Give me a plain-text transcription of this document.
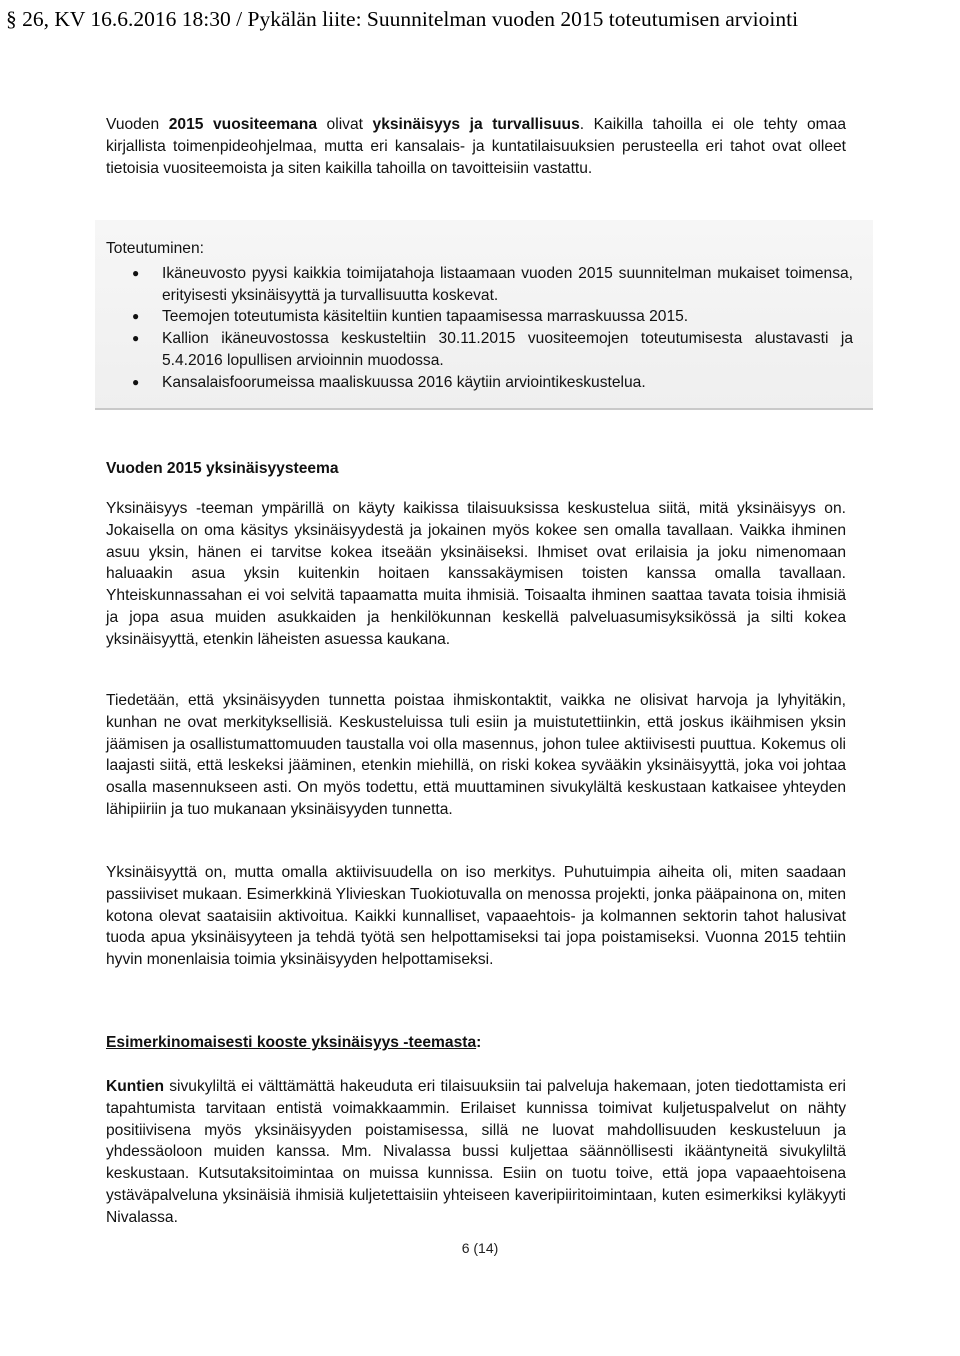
§ 26, KV 16.6.2016 18:30 / Pykälän liite: Suunnitelman vuoden 2015 toteutumisen arviointi
Vuoden 2015 vuositeemana olivat yksinäisyys ja turvallisuus. Kaikilla tahoilla ei ole tehty omaa kirjallista toimenpideohjelmaa, mutta eri kansalais- ja kuntatilaisuuksien perusteella eri tahot ovat olleet tietoisia vuositeemoista ja siten kaikilla tahoilla on tavoitteisiin vastattu.
Toteutuminen:
● Ikäneuvosto pyysi kaikkia toimijatahoja listaamaan vuoden 2015 suunnitelman mukaiset toimensa, erityisesti yksinäisyyttä ja turvallisuutta koskevat.
● Teemojen toteutumista käsiteltiin kuntien tapaamisessa marraskuussa 2015.
● Kallion ikäneuvostossa keskusteltiin 30.11.2015 vuositeemojen toteutumisesta alustavasti ja 5.4.2016 lopullisen arvioinnin muodossa.
● Kansalaisfoorumeissa maaliskuussa 2016 käytiin arviointikeskustelua.
Vuoden 2015 yksinäisyysteema
Yksinäisyys -teeman ympärillä on käyty kaikissa tilaisuuksissa keskustelua siitä, mitä yksinäisyys on. Jokaisella on oma käsitys yksinäisyydestä ja jokainen myös kokee sen omalla tavallaan. Vaikka ihminen asuu yksin, hänen ei tarvitse kokea itseään yksinäiseksi. Ihmiset ovat erilaisia ja joku nimenomaan haluaakin asua yksin kuitenkin hoitaen kanssakäymisen toisten kanssa omalla tavallaan. Yhteiskunnassahan ei voi selvitä tapaamatta muita ihmisiä. Toisaalta ihminen saattaa tavata toisia ihmisiä ja jopa asua muiden asukkaiden ja henkilökunnan keskellä palveluasumisyksikössä ja silti kokea yksinäisyyttä, etenkin läheisten asuessa kaukana.
Tiedetään, että yksinäisyyden tunnetta poistaa ihmiskontaktit, vaikka ne olisivat harvoja ja lyhyitäkin, kunhan ne ovat merkityksellisiä. Keskusteluissa tuli esiin ja muistutettiinkin, että joskus ikäihmisen yksin jäämisen ja osallistumattomuuden taustalla voi olla masennus, johon tulee aktiivisesti puuttua. Kokemus oli laajasti siitä, että leskeksi jääminen, etenkin miehillä, on riski kokea syvääkin yksinäisyyttä, joka voi johtaa osalla masennukseen asti. On myös todettu, että muuttaminen sivukylältä keskustaan katkaisee yhteyden lähipiiriin ja tuo mukanaan yksinäisyyden tunnetta.
Yksinäisyyttä on, mutta omalla aktiivisuudella on iso merkitys. Puhutuimpia aiheita oli, miten saadaan passiiviset mukaan. Esimerkkinä Ylivieskan Tuokiotuvalla on menossa projekti, jonka pääpainona on, miten kotona olevat saataisiin aktivoitua. Kaikki kunnalliset, vapaaehtois- ja kolmannen sektorin tahot halusivat tuoda apua yksinäisyyteen ja tehdä työtä sen helpottamiseksi tai jopa poistamiseksi. Vuonna 2015 tehtiin hyvin monenlaisia toimia yksinäisyyden helpottamiseksi.
Esimerkinomaisesti kooste yksinäisyys -teemasta:
Kuntien sivukyliltä ei välttämättä hakeuduta eri tilaisuuksiin tai palveluja hakemaan, joten tiedottamista eri tapahtumista tarvitaan entistä voimakkaammin. Erilaiset kunnissa toimivat kuljetuspalvelut on nähty positiivisena myös yksinäisyyden poistamisessa, sillä ne luovat mahdollisuuden keskusteluun ja yhdessäoloon muiden kanssa. Mm. Nivalassa bussi kuljettaa säännöllisesti ikääntyneitä sivukyliltä keskustaan. Kutsutaksitoimintaa on muissa kunnissa. Esiin on tuotu toive, että jopa vapaaehtoisena ystäväpalveluna yksinäisiä ihmisiä kuljetettaisiin yhteiseen kaveripiiritoimintaan, kuten esimerkiksi kyläkyyti Nivalassa.
6 (14)
